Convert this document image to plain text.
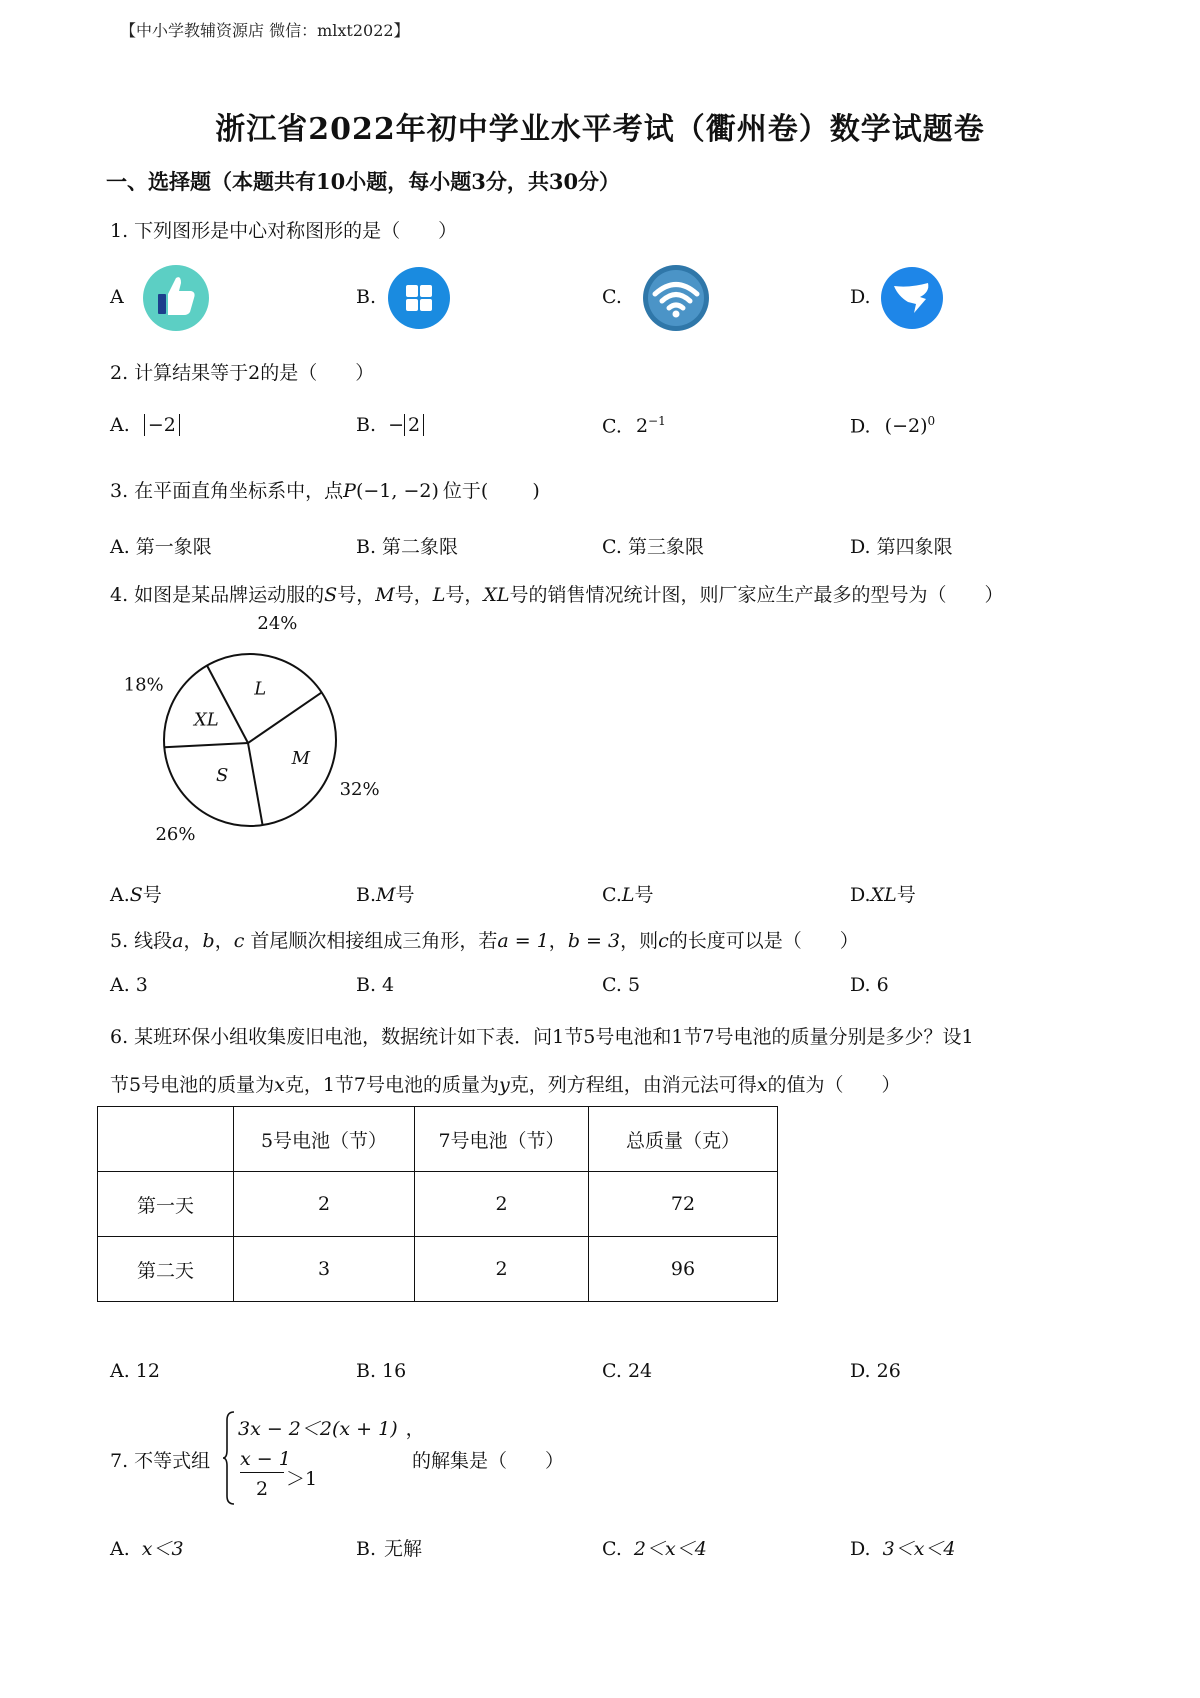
【中小学教辅资源店 微信：mlxt2022】
浙江省2022年初中学业水平考试（衢州卷）数学试题卷
一、选择题（本题共有10小题，每小题3分，共30分）
1. 下列图形是中心对称图形的是（　　）
A	B.	C.	D.
2. 计算结果等于2的是（　　）
A. −2	B. − 2	C. $2^{-1}$	D. $(-2)^0$
3. 在平面直角坐标系中，点P(−1, −2) 位于(　　 )
A. 第一象限	B. 第二象限	C. 第三象限	D. 第四象限
4. 如图是某品牌运动服的S号，M号，L号，XL号的销售情况统计图，则厂家应生产最多的型号为（　　）
L
24%
M
32%
S
26%
XL
18%
A.S号	B.M号	C.L号	D.XL号
5. 线段a，b，c 首尾顺次相接组成三角形，若a = 1，b = 3，则c的长度可以是（　　）
A. 3	B. 4	C. 5	D. 6
6. 某班环保小组收集废旧电池，数据统计如下表．问1节5号电池和1节7号电池的质量分别是多少？设1
节5号电池的质量为x克，1节7号电池的质量为y克，列方程组，由消元法可得x的值为（　　）
	5号电池（节）	7号电池（节）	总质量（克）
第一天	2	2	72
第二天	3	2	96
A. 12	B. 16	C. 24	D. 26
7. 不等式组
3x − 2＜2(x + 1) ，
x − 1
2 ＞1
的解集是（　　）
A. x＜3	B. 无解	C. 2＜x＜4	D. 3＜x＜4
